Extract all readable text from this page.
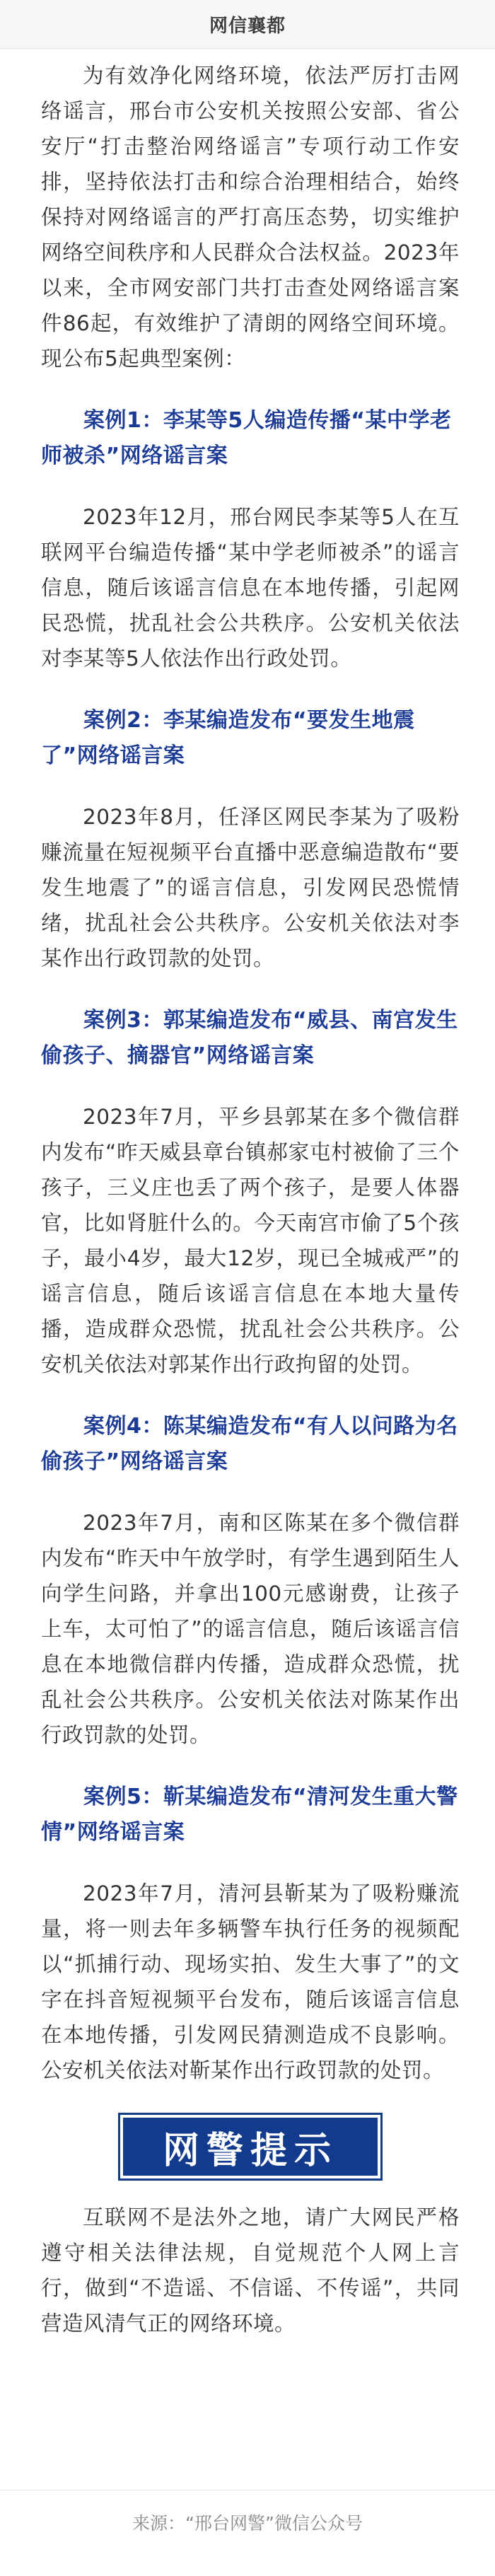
网信襄都

为有效净化网络环境，依法严厉打击网络谣言，邢台市公安机关按照公安部、省公安厅“打击整治网络谣言”专项行动工作安排，坚持依法打击和综合治理相结合，始终保持对网络谣言的严打高压态势，切实维护网络空间秩序和人民群众合法权益。2023年以来，全市网安部门共打击查处网络谣言案件86起，有效维护了清朗的网络空间环境。现公布5起典型案例：

案例1：李某等5人编造传播“某中学老师被杀”网络谣言案

2023年12月，邢台网民李某等5人在互联网平台编造传播“某中学老师被杀”的谣言信息，随后该谣言信息在本地传播，引起网民恐慌，扰乱社会公共秩序。公安机关依法对李某等5人依法作出行政处罚。

案例2：李某编造发布“要发生地震了”网络谣言案

2023年8月，任泽区网民李某为了吸粉赚流量在短视频平台直播中恶意编造散布“要发生地震了”的谣言信息，引发网民恐慌情绪，扰乱社会公共秩序。公安机关依法对李某作出行政罚款的处罚。

案例3：郭某编造发布“威县、南宫发生偷孩子、摘器官”网络谣言案

2023年7月，平乡县郭某在多个微信群内发布“昨天威县章台镇郝家屯村被偷了三个孩子，三义庄也丢了两个孩子，是要人体器官，比如肾脏什么的。今天南宫市偷了5个孩子，最小4岁，最大12岁，现已全城戒严”的谣言信息，随后该谣言信息在本地大量传播，造成群众恐慌，扰乱社会公共秩序。公安机关依法对郭某作出行政拘留的处罚。

案例4：陈某编造发布“有人以问路为名偷孩子”网络谣言案

2023年7月，南和区陈某在多个微信群内发布“昨天中午放学时，有学生遇到陌生人向学生问路，并拿出100元感谢费，让孩子上车，太可怕了”的谣言信息，随后该谣言信息在本地微信群内传播，造成群众恐慌，扰乱社会公共秩序。公安机关依法对陈某作出行政罚款的处罚。

案例5：靳某编造发布“清河发生重大警情”网络谣言案

2023年7月，清河县靳某为了吸粉赚流量，将一则去年多辆警车执行任务的视频配以“抓捕行动、现场实拍、发生大事了”的文字在抖音短视频平台发布，随后该谣言信息在本地传播，引发网民猜测造成不良影响。公安机关依法对靳某作出行政罚款的处罚。

网警提示

互联网不是法外之地，请广大网民严格遵守相关法律法规，自觉规范个人网上言行，做到“不造谣、不信谣、不传谣”，共同营造风清气正的网络环境。

来源：“邢台网警”微信公众号
